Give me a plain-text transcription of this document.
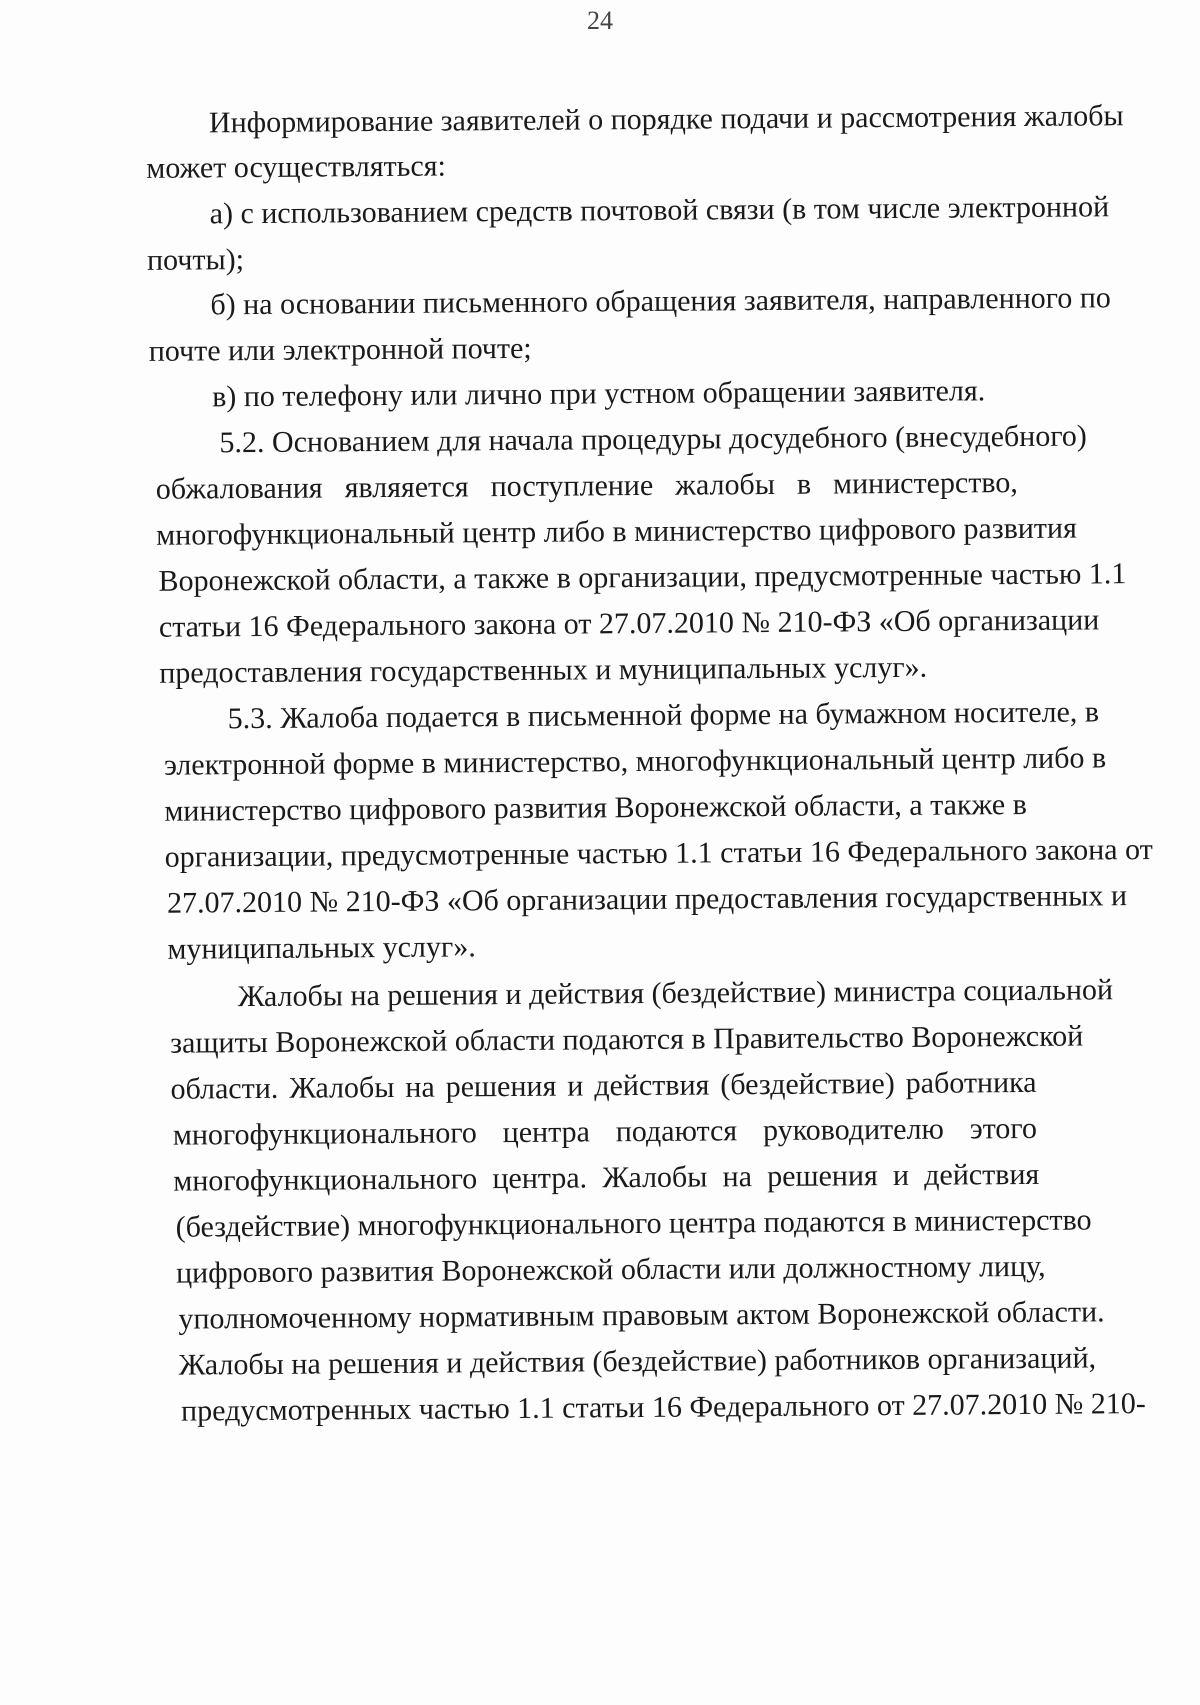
24
Информирование заявителей о порядке подачи и рассмотрения жалобы
может осуществляться:
а) с использованием средств почтовой связи (в том числе электронной
почты);
б) на основании письменного обращения заявителя, направленного по
почте или электронной почте;
в) по телефону или лично при устном обращении заявителя.
5.2. Основанием для начала процедуры досудебного (внесудебного)
обжалования являяется поступление жалобы в министерство,
многофункциональный центр либо в министерство цифрового развития
Воронежской области, а также в организации, предусмотренные частью 1.1
статьи 16 Федерального закона от 27.07.2010 № 210-ФЗ «Об организации
предоставления государственных и муниципальных услуг».
5.3. Жалоба подается в письменной форме на бумажном носителе, в
электронной форме в министерство, многофункциональный центр либо в
министерство цифрового развития Воронежской области, а также в
организации, предусмотренные частью 1.1 статьи 16 Федерального закона от
27.07.2010 № 210-ФЗ «Об организации предоставления государственных и
муниципальных услуг».
Жалобы на решения и действия (бездействие) министра социальной
защиты Воронежской области подаются в Правительство Воронежской
области. Жалобы на решения и действия (бездействие) работника
многофункционального центра подаются руководителю этого
многофункционального центра. Жалобы на решения и действия
(бездействие) многофункционального центра подаются в министерство
цифрового развития Воронежской области или должностному лицу,
уполномоченному нормативным правовым актом Воронежской области.
Жалобы на решения и действия (бездействие) работников организаций,
предусмотренных частью 1.1 статьи 16 Федерального от 27.07.2010 № 210-
